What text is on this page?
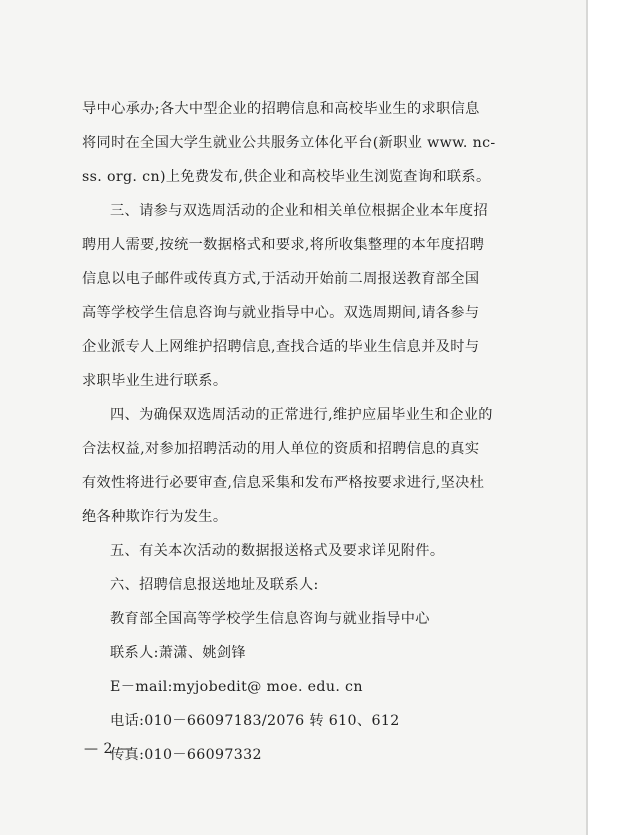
导中心承办;各大中型企业的招聘信息和高校毕业生的求职信息
将同时在全国大学生就业公共服务立体化平台(新职业 www. nc-
ss. org. cn)上免费发布,供企业和高校毕业生浏览查询和联系。
三、请参与双选周活动的企业和相关单位根据企业本年度招
聘用人需要,按统一数据格式和要求,将所收集整理的本年度招聘
信息以电子邮件或传真方式,于活动开始前二周报送教育部全国
高等学校学生信息咨询与就业指导中心。双选周期间,请各参与
企业派专人上网维护招聘信息,查找合适的毕业生信息并及时与
求职毕业生进行联系。
四、为确保双选周活动的正常进行,维护应届毕业生和企业的
合法权益,对参加招聘活动的用人单位的资质和招聘信息的真实
有效性将进行必要审查,信息采集和发布严格按要求进行,坚决杜
绝各种欺诈行为发生。
五、有关本次活动的数据报送格式及要求详见附件。
六、招聘信息报送地址及联系人:
教育部全国高等学校学生信息咨询与就业指导中心
联系人:萧潇、姚剑锋
E－mail:myjobedit@ moe. edu. cn
电话:010－66097183/2076 转 610、612
传真:010－66097332
— 2 —
